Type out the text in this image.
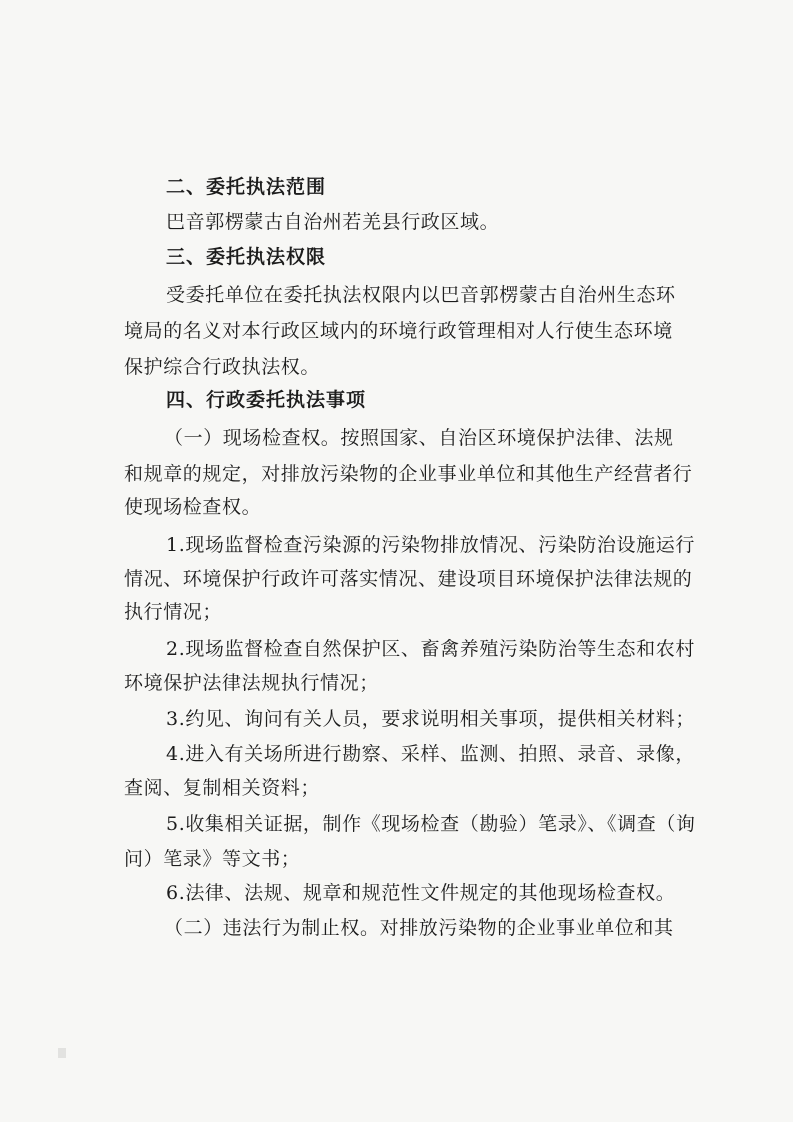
二、委托执法范围
巴音郭楞蒙古自治州若羌县行政区域。
三、委托执法权限
受委托单位在委托执法权限内以巴音郭楞蒙古自治州生态环
境局的名义对本行政区域内的环境行政管理相对人行使生态环境
保护综合行政执法权。
四、行政委托执法事项
（一）现场检查权。按照国家、自治区环境保护法律、法规
和规章的规定，对排放污染物的企业事业单位和其他生产经营者行
使现场检查权。
1.现场监督检查污染源的污染物排放情况、污染防治设施运行
情况、环境保护行政许可落实情况、建设项目环境保护法律法规的
执行情况；
2.现场监督检查自然保护区、畜禽养殖污染防治等生态和农村
环境保护法律法规执行情况；
3.约见、询问有关人员，要求说明相关事项，提供相关材料；
4.进入有关场所进行勘察、采样、监测、拍照、录音、录像，
查阅、复制相关资料；
5.收集相关证据，制作《现场检查（勘验）笔录》、《调查（询
问）笔录》等文书；
6.法律、法规、规章和规范性文件规定的其他现场检查权。
（二）违法行为制止权。对排放污染物的企业事业单位和其
